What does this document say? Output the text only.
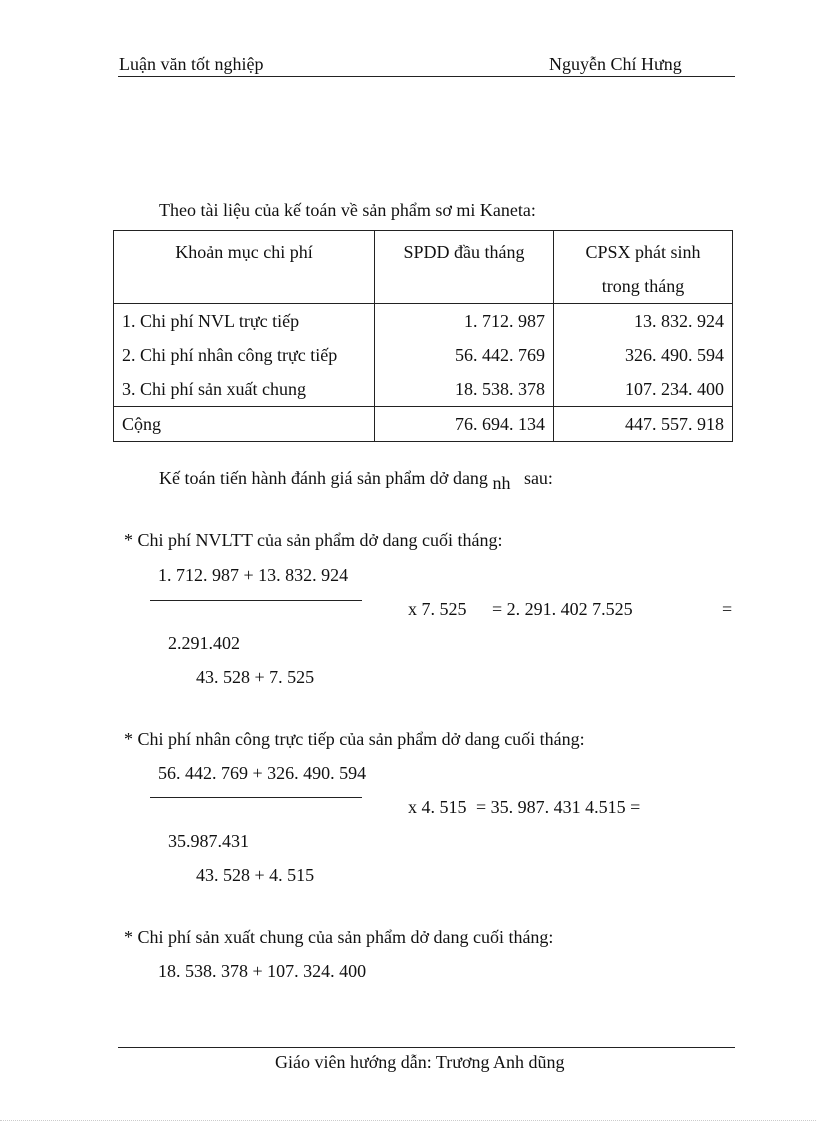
Luận văn tốt nghiệp	Nguyễn Chí Hưng
Theo tài liệu của kế toán về sản phẩm sơ mi Kaneta:
Khoản mục chi phí	SPDD đầu tháng	CPSX phát sinh
trong tháng
1. Chi phí NVL trực tiếp	1. 712. 987	13. 832. 924
2. Chi phí nhân công trực tiếp	56. 442. 769	326. 490. 594
3. Chi phí sản xuất chung	18. 538. 378	107. 234. 400
Cộng	76. 694. 134	447. 557. 918
Kế toán tiến hành đánh giá sản phẩm dở dang nh sau:
* Chi phí NVLTT của sản phẩm dở dang cuối tháng:
1. 712. 987 + 13. 832. 924
x 7. 525 = 2. 291. 402 7.525	=
2.291.402
43. 528 + 7. 525
* Chi phí nhân công trực tiếp của sản phẩm dở dang cuối tháng:
56. 442. 769 + 326. 490. 594
x 4. 515 = 35. 987. 431 4.515 =
35.987.431
43. 528 + 4. 515
* Chi phí sản xuất chung của sản phẩm dở dang cuối tháng:
18. 538. 378 + 107. 324. 400
Giáo viên hướng dẫn: Trương Anh dũng
